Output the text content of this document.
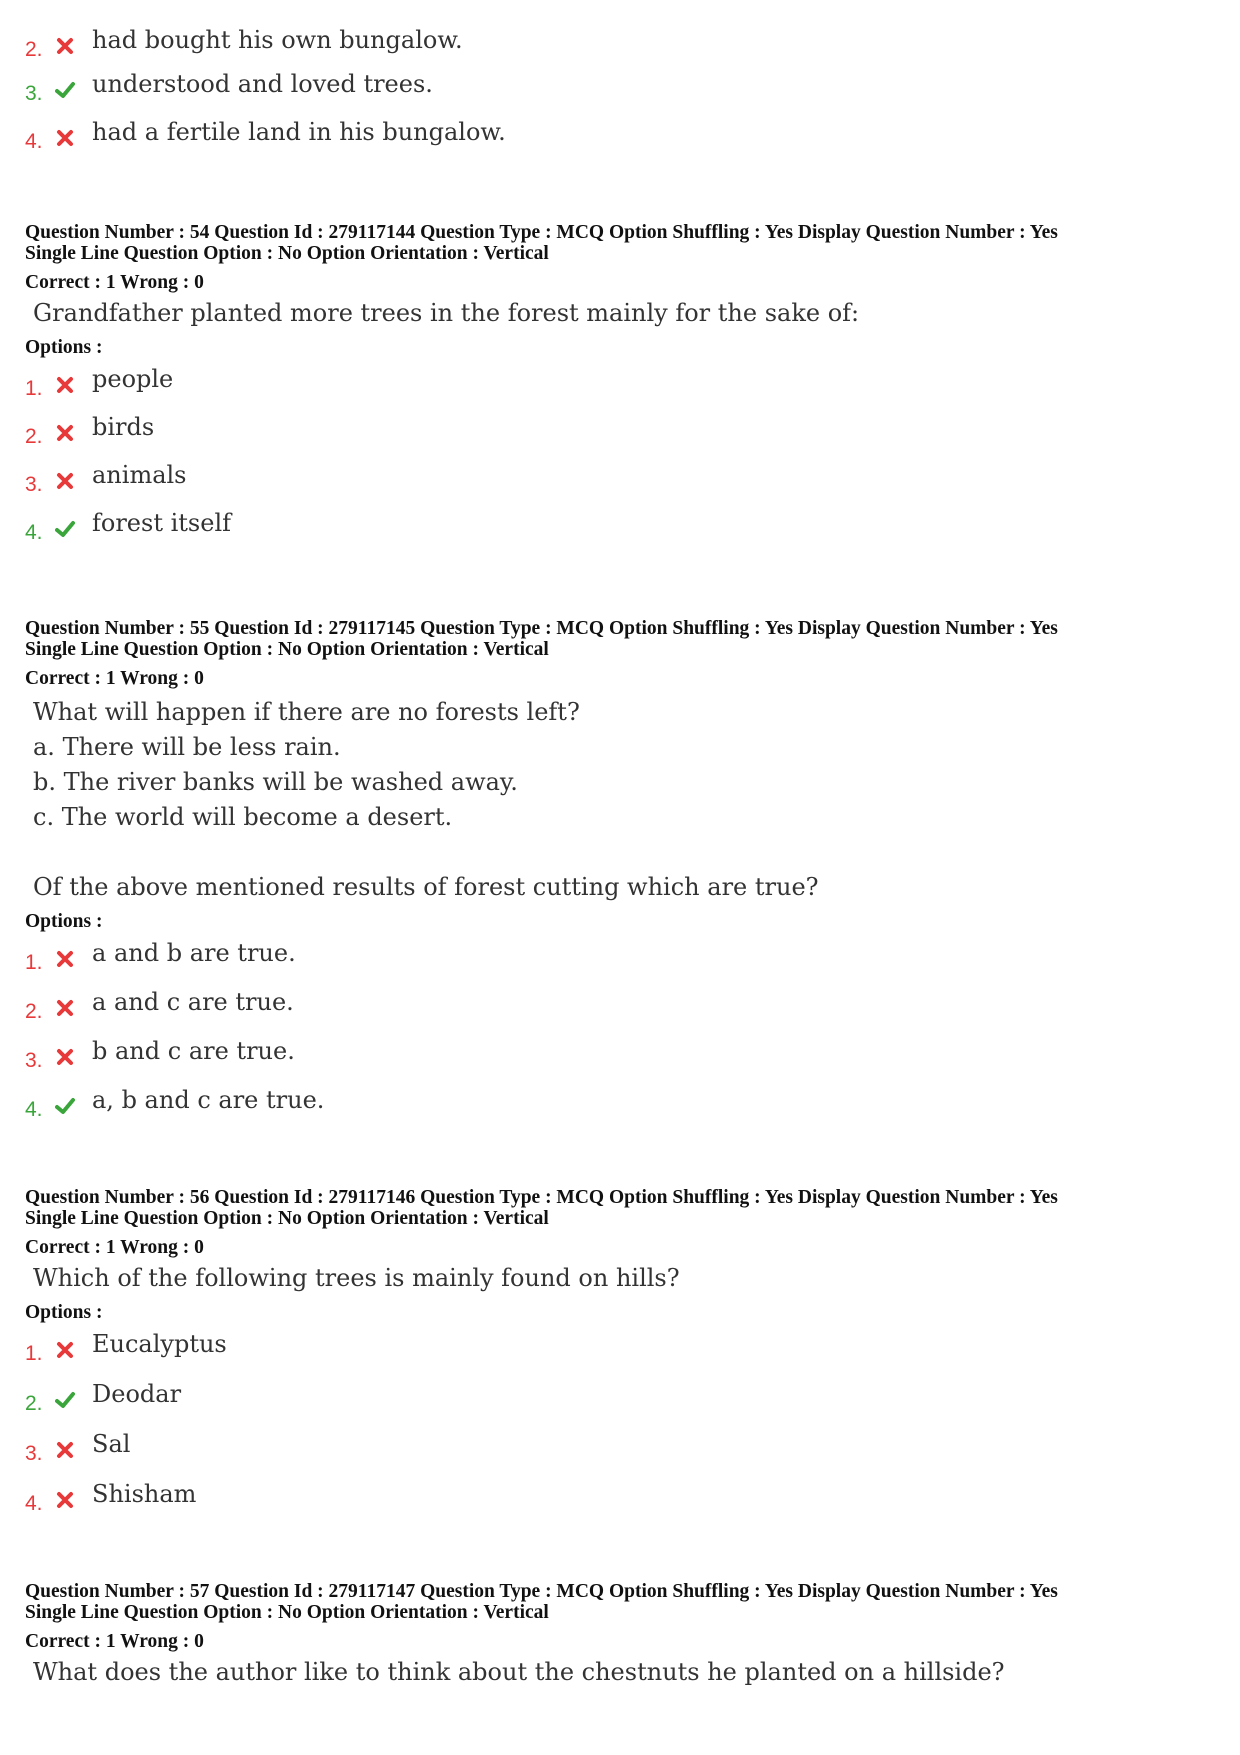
2. had bought his own bungalow.
3. understood and loved trees.
4. had a fertile land in his bungalow.
Question Number : 54 Question Id : 279117144 Question Type : MCQ Option Shuffling : Yes Display Question Number : Yes
Single Line Question Option : No Option Orientation : Vertical
Correct : 1 Wrong : 0
Grandfather planted more trees in the forest mainly for the sake of:
Options :
1. people
2. birds
3. animals
4. forest itself
Question Number : 55 Question Id : 279117145 Question Type : MCQ Option Shuffling : Yes Display Question Number : Yes
Single Line Question Option : No Option Orientation : Vertical
Correct : 1 Wrong : 0
What will happen if there are no forests left?
a. There will be less rain.
b. The river banks will be washed away.
c. The world will become a desert.
Of the above mentioned results of forest cutting which are true?
Options :
1. a and b are true.
2. a and c are true.
3. b and c are true.
4. a, b and c are true.
Question Number : 56 Question Id : 279117146 Question Type : MCQ Option Shuffling : Yes Display Question Number : Yes
Single Line Question Option : No Option Orientation : Vertical
Correct : 1 Wrong : 0
Which of the following trees is mainly found on hills?
Options :
1. Eucalyptus
2. Deodar
3. Sal
4. Shisham
Question Number : 57 Question Id : 279117147 Question Type : MCQ Option Shuffling : Yes Display Question Number : Yes
Single Line Question Option : No Option Orientation : Vertical
Correct : 1 Wrong : 0
What does the author like to think about the chestnuts he planted on a hillside?
